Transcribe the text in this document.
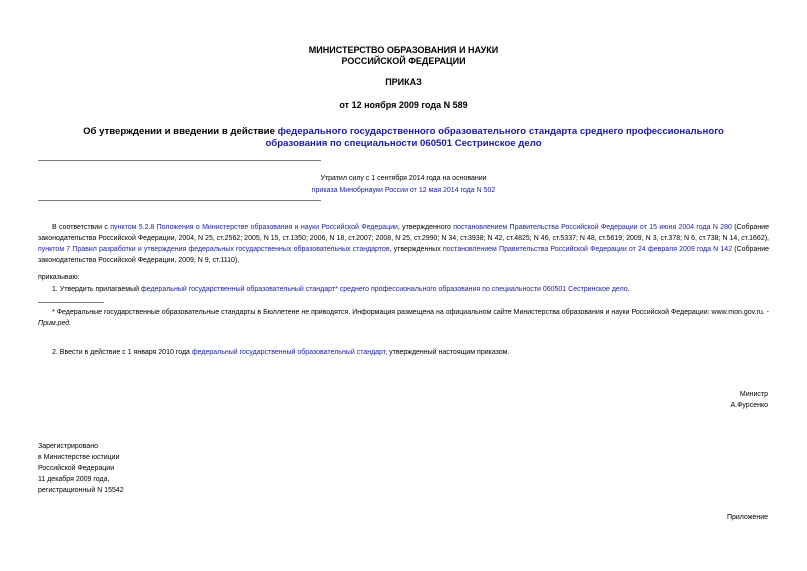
МИНИСТЕРСТВО ОБРАЗОВАНИЯ И НАУКИ
РОССИЙСКОЙ ФЕДЕРАЦИИ
ПРИКАЗ
от 12 ноября 2009 года N 589
Об утверждении и введении в действие федерального государственного образовательного стандарта среднего профессионального образования по специальности 060501 Сестринское дело
Утратил силу с 1 сентября 2014 года на основании
приказа Минобрнауки России от 12 мая 2014 года N 502
В соответствии с пунктом 5.2.8 Положения о Министерстве образования и науки Российской Федерации, утвержденного постановлением Правительства Российской Федерации от 15 июня 2004 года N 280 (Собрание законодательства Российской Федерации, 2004, N 25, ст.2562; 2005, N 15, ст.1350; 2006, N 18, ст.2007; 2008, N 25, ст.2990; N 34, ст.3938; N 42, ст.4825; N 46, ст.5337; N 48, ст.5619; 2009, N 3, ст.378; N 6, ст.738; N 14, ст.1662), пунктом 7 Правил разработки и утверждения федеральных государственных образовательных стандартов, утвержденных постановлением Правительства Российской Федерации от 24 февраля 2009 года N 142 (Собрание законодательства Российской Федерации, 2009, N 9, ст.1110),
приказываю:
1. Утвердить прилагаемый федеральный государственный образовательный стандарт* среднего профессионального образования по специальности 060501 Сестринское дело.
* Федеральные государственные образовательные стандарты в Бюллетене не приводятся. Информация размещена на официальном сайте Министерства образования и науки Российской Федерации: www.mon.gov.ru. - Прим.ред.
2. Ввести в действие с 1 января 2010 года федеральный государственный образовательный стандарт, утвержденный настоящим приказом.
Министр
А.Фурсенко
Зарегистрировано
в Министерстве юстиции
Российской Федерации
11 декабря 2009 года,
регистрационный N 15542
Приложение
